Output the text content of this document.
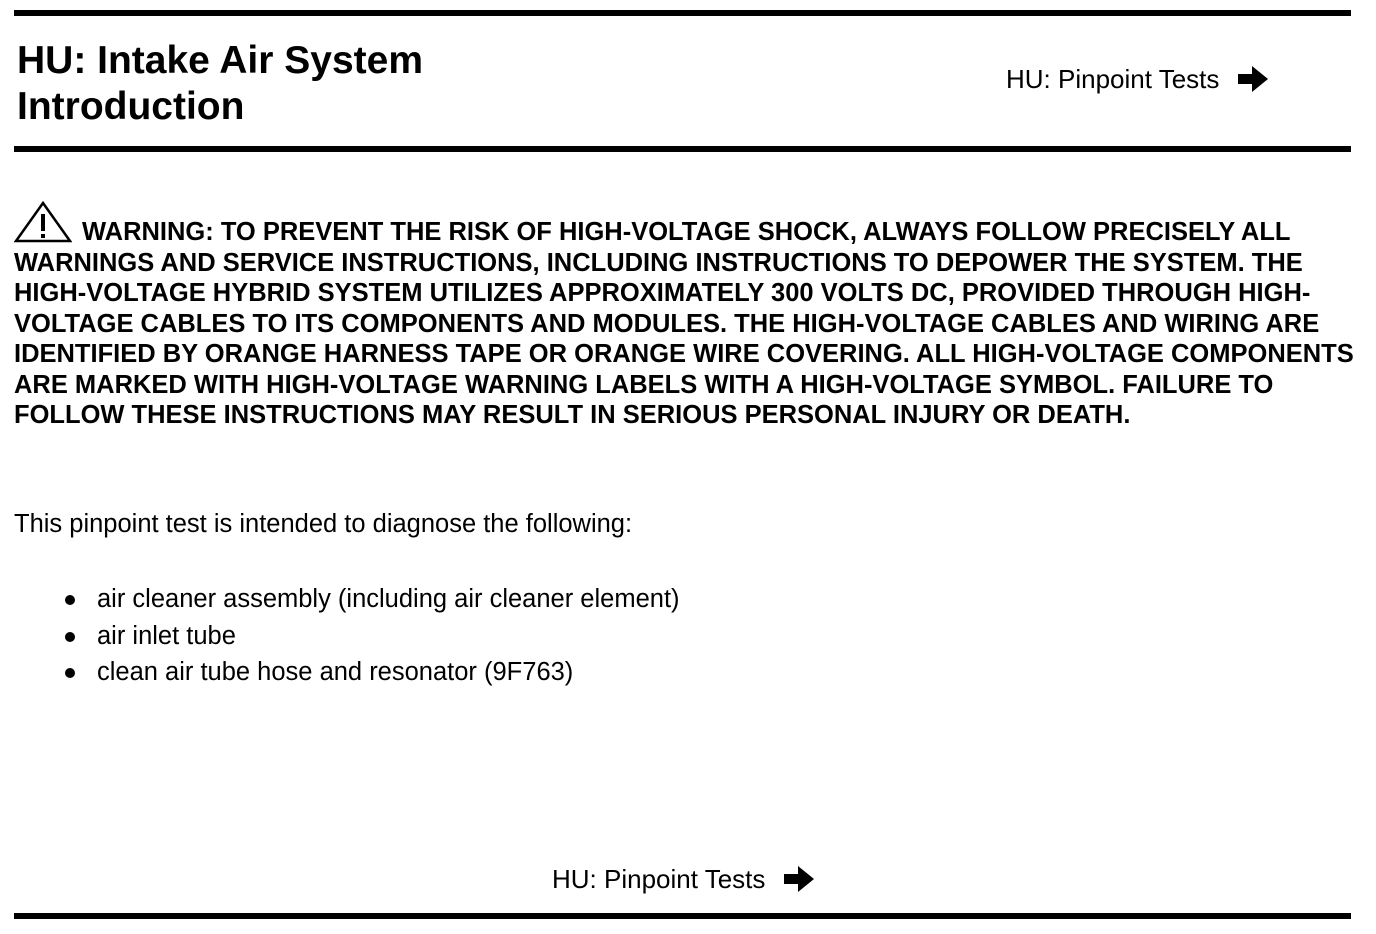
HU: Intake Air System
Introduction
HU: Pinpoint Tests

WARNING: TO PREVENT THE RISK OF HIGH-VOLTAGE SHOCK, ALWAYS FOLLOW PRECISELY ALL WARNINGS AND SERVICE INSTRUCTIONS, INCLUDING INSTRUCTIONS TO DEPOWER THE SYSTEM. THE HIGH-VOLTAGE HYBRID SYSTEM UTILIZES APPROXIMATELY 300 VOLTS DC, PROVIDED THROUGH HIGH-VOLTAGE CABLES TO ITS COMPONENTS AND MODULES. THE HIGH-VOLTAGE CABLES AND WIRING ARE IDENTIFIED BY ORANGE HARNESS TAPE OR ORANGE WIRE COVERING. ALL HIGH-VOLTAGE COMPONENTS ARE MARKED WITH HIGH-VOLTAGE WARNING LABELS WITH A HIGH-VOLTAGE SYMBOL. FAILURE TO FOLLOW THESE INSTRUCTIONS MAY RESULT IN SERIOUS PERSONAL INJURY OR DEATH.

This pinpoint test is intended to diagnose the following:

air cleaner assembly (including air cleaner element)
air inlet tube
clean air tube hose and resonator (9F763)
HU: Pinpoint Tests
